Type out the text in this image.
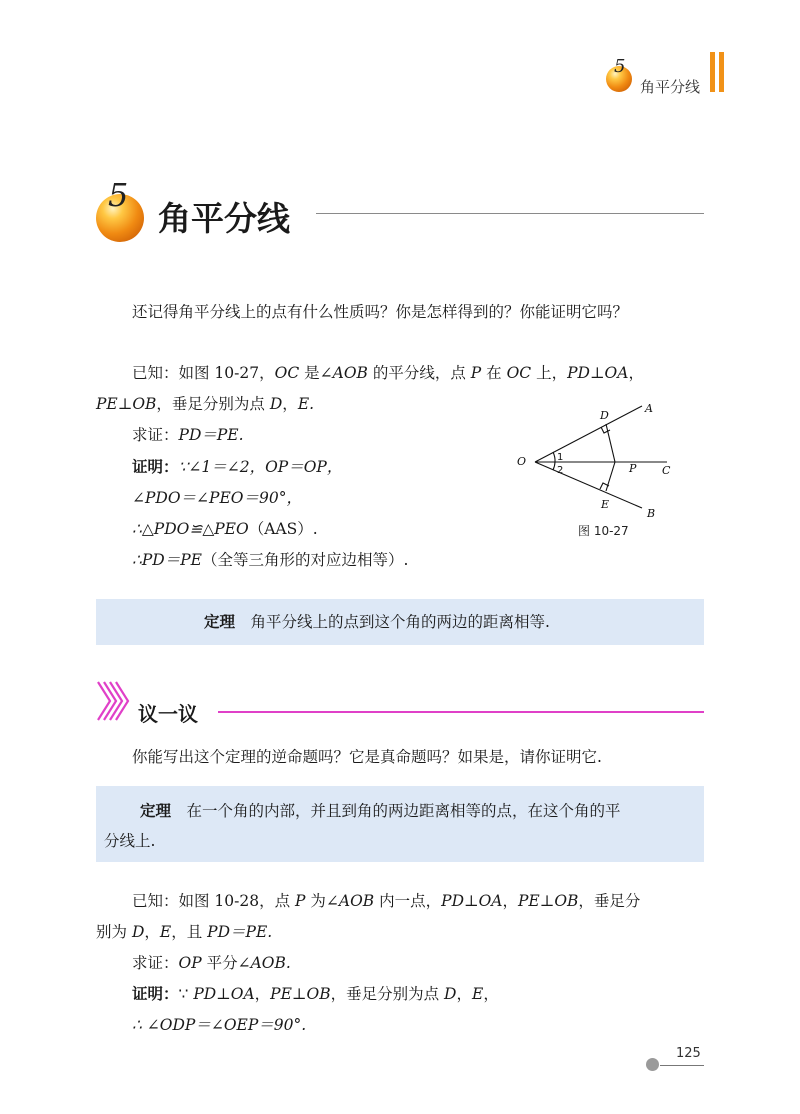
5
角平分线
5
角平分线
还记得角平分线上的点有什么性质吗？你是怎样得到的？你能证明它吗？
已知：如图 10-27，OC 是∠AOB 的平分线，点 P 在 OC 上，PD⊥OA，
PE⊥OB，垂足分别为点 D，E.
求证：PD＝PE.
证明：∵∠1＝∠2，OP＝OP，
∠PDO＝∠PEO＝90°，
∴△PDO≌△PEO（AAS）.
∴PD＝PE（全等三角形的对应边相等）.
O
A
B
C
D
E
P
1
2
图 10-27
定理　 角平分线上的点到这个角的两边的距离相等.
议一议
你能写出这个定理的逆命题吗？它是真命题吗？如果是，请你证明它.
定理　 在一个角的内部，并且到角的两边距离相等的点，在这个角的平
分线上.
已知：如图 10-28，点 P 为∠AOB 内一点，PD⊥OA，PE⊥OB，垂足分
别为 D，E，且 PD＝PE.
求证：OP 平分∠AOB.
证明：∵ PD⊥OA，PE⊥OB，垂足分别为点 D，E，
∴ ∠ODP＝∠OEP＝90°.
125
